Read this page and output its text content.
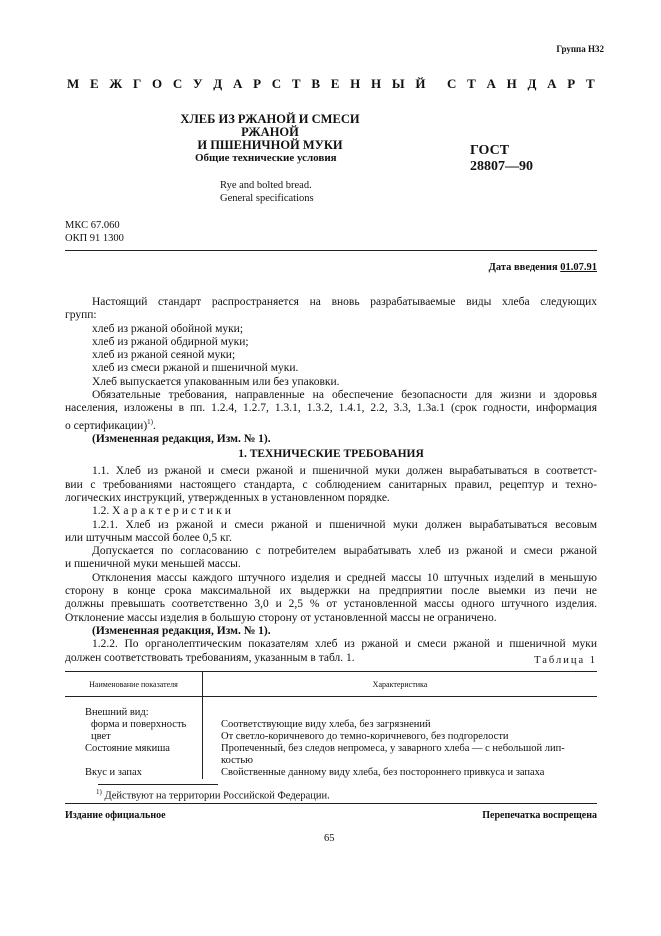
Группа Н32
М Е Ж Г О С У Д А Р С Т В Е Н Н Ы Й С Т А Н Д А Р Т
ХЛЕБ ИЗ РЖАНОЙ И СМЕСИ РЖАНОЙ
И ПШЕНИЧНОЙ МУКИ
Общие технические условия	ГОСТ
28807—90
Rye and bolted bread.
General specifications
МКС 67.060
ОКП 91 1300
Дата введения 01.07.91

Настоящий стандарт распространяется на вновь разрабатываемые виды хлеба следующих

групп:

хлеб из ржаной обойной муки;

хлеб из ржаной обдирной муки;

хлеб из ржаной сеяной муки;

хлеб из смеси ржаной и пшеничной муки.

Хлеб выпускается упакованным или без упаковки.

Обязательные требования, направленные на обеспечение безопасности для жизни и здоровья

населения, изложены в пп. 1.2.4, 1.2.7, 1.3.1, 1.3.2, 1.4.1, 2.2, 3.3, 1.3а.1 (срок годности, информация

о сертификации)$^{1)}$.

(Измененная редакция, Изм. № 1).

1. ТЕХНИЧЕСКИЕ ТРЕБОВАНИЯ

1.1. Хлеб из ржаной и смеси ржаной и пшеничной муки должен вырабатываться в соответст-

вии с требованиями настоящего стандарта, с соблюдением санитарных правил, рецептур и техно-

логических инструкций, утвержденных в установленном порядке.

1.2. Характеристики

1.2.1. Хлеб из ржаной и смеси ржаной и пшеничной муки должен вырабатываться весовым

или штучным массой более 0,5 кг.

Допускается по согласованию с потребителем вырабатывать хлеб из ржаной и смеси ржаной

и пшеничной муки меньшей массы.

Отклонения массы каждого штучного изделия и средней массы 10 штучных изделий в меньшую

сторону в конце срока максимальной их выдержки на предприятии после выемки из печи не

должны превышать соответственно 3,0 и 2,5 % от установленной массы одного штучного изделия.

Отклонение массы изделия в большую сторону от установленной массы не ограничено.

(Измененная редакция, Изм. № 1).

1.2.2. По органолептическим показателям хлеб из ржаной и смеси ржаной и пшеничной муки

должен соответствовать требованиям, указанным в табл. 1.	Таблица 1
Наименование показателя	Характеристика

Внешний вид:	
форма и поверхность	Соответствующие виду хлеба, без загрязнений
цвет	От светло-коричневого до темно-коричневого, без подгорелости
Состояние мякиша	Пропеченный, без следов непромеса, у заварного хлеба — с небольшой лип-
	костью
Вкус и запах	Свойственные данному виду хлеба, без постороннего привкуса и запаха
$^{1)}$ Действуют на территории Российской Федерации.
Издание официальное	Перепечатка воспрещена
65
